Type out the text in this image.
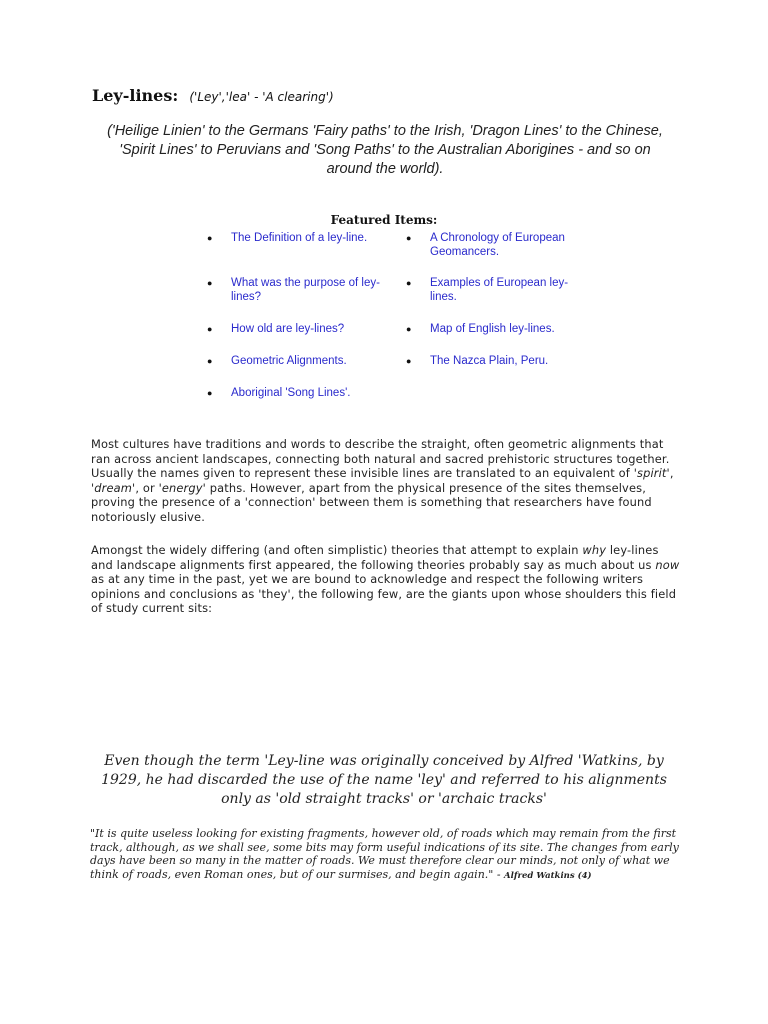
Ley-lines: ('Ley','lea' - 'A clearing')
('Heilige Linien' to the Germans 'Fairy paths' to the Irish, 'Dragon Lines' to the Chinese, 'Spirit Lines' to Peruvians and 'Song Paths' to the Australian Aborigines - and so on around the world).
Featured Items:
● The Definition of a ley-line.
● What was the purpose of ley-lines?
● How old are ley-lines?
● Geometric Alignments.
● Aboriginal 'Song Lines'.
● A Chronology of European Geomancers.
● Examples of European ley-lines.
● Map of English ley-lines.
● The Nazca Plain, Peru.
Most cultures have traditions and words to describe the straight, often geometric alignments that ran across ancient landscapes, connecting both natural and sacred prehistoric structures together. Usually the names given to represent these invisible lines are translated to an equivalent of 'spirit', 'dream', or 'energy' paths. However, apart from the physical presence of the sites themselves, proving the presence of a 'connection' between them is something that researchers have found notoriously elusive.
Amongst the widely differing (and often simplistic) theories that attempt to explain why ley-lines and landscape alignments first appeared, the following theories probably say as much about us now as at any time in the past, yet we are bound to acknowledge and respect the following writers opinions and conclusions as 'they', the following few, are the giants upon whose shoulders this field of study current sits:
Even though the term 'Ley-line was originally conceived by Alfred 'Watkins, by 1929, he had discarded the use of the name 'ley' and referred to his alignments only as 'old straight tracks' or 'archaic tracks'
"It is quite useless looking for existing fragments, however old, of roads which may remain from the first track, although, as we shall see, some bits may form useful indications of its site. The changes from early days have been so many in the matter of roads. We must therefore clear our minds, not only of what we think of roads, even Roman ones, but of our surmises, and begin again." - Alfred Watkins (4)
